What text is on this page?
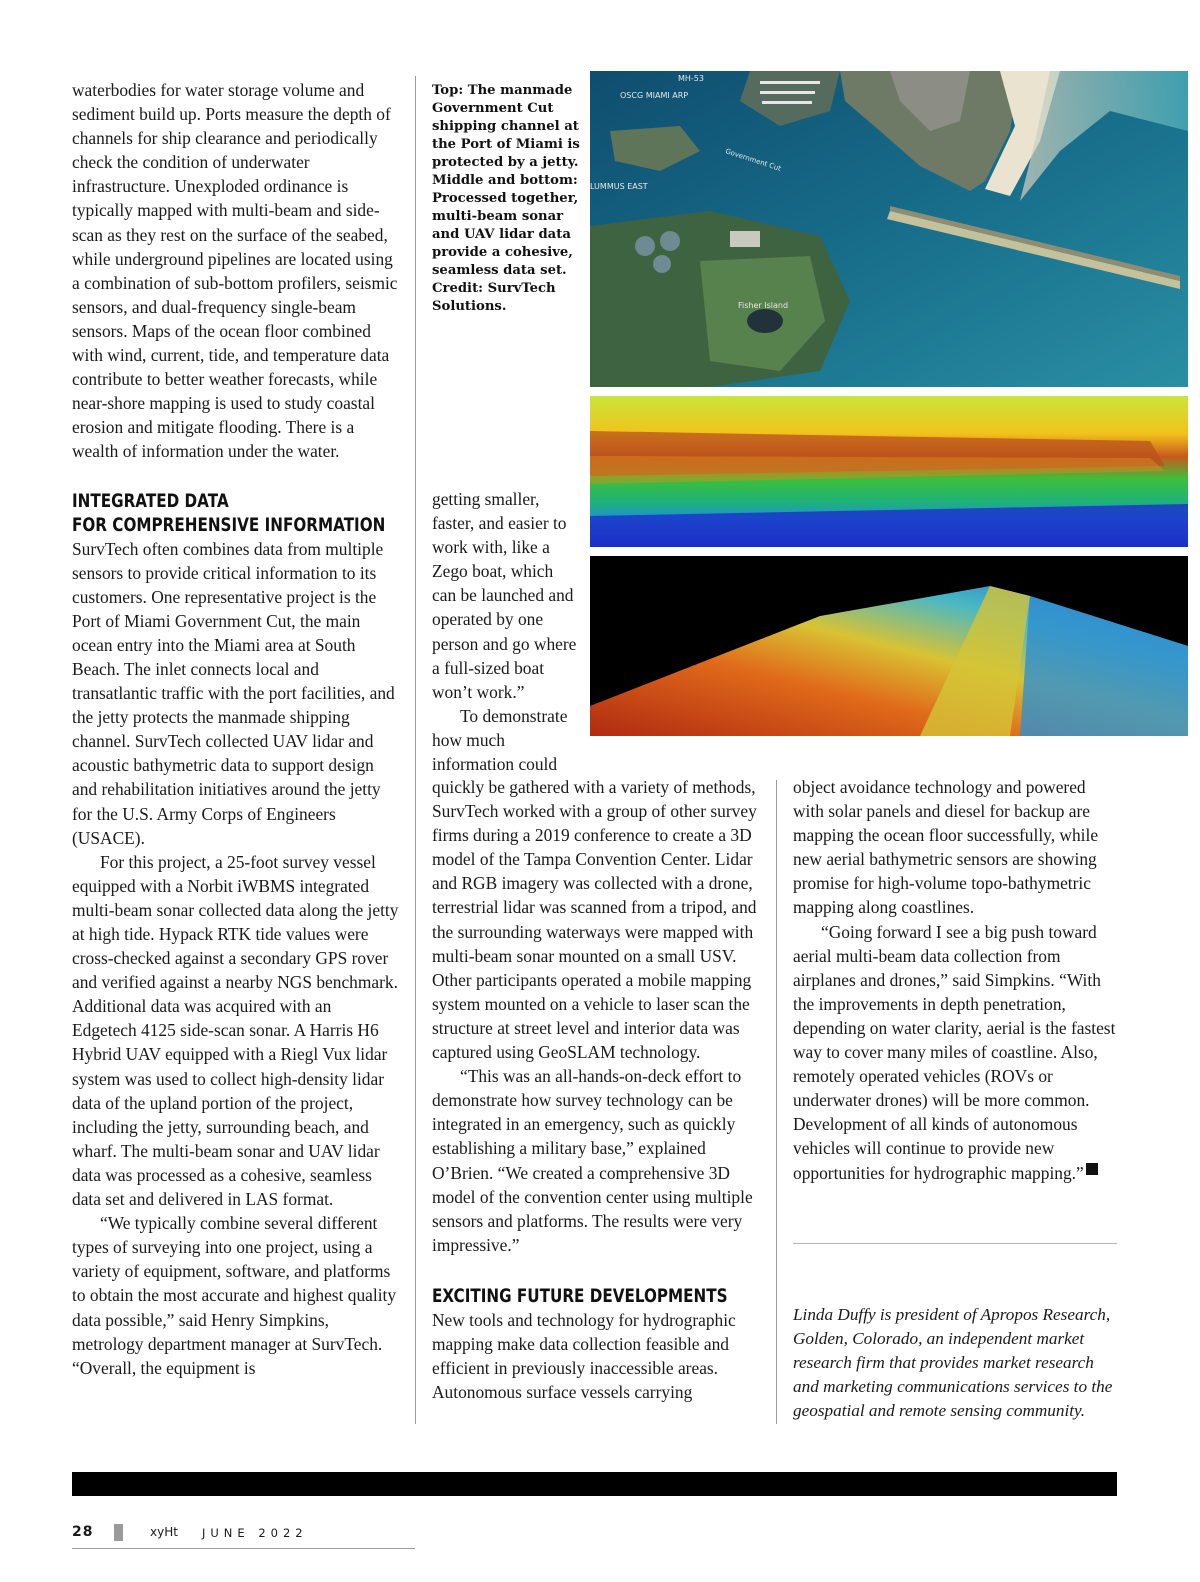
waterbodies for water storage volume and sediment build up. Ports measure the depth of channels for ship clearance and periodically check the condition of underwater infrastructure. Unexploded ordinance is typically mapped with multi-beam and side-scan as they rest on the surface of the seabed, while underground pipelines are located using a combination of sub-bottom profilers, seismic sensors, and dual-frequency single-beam sensors. Maps of the ocean floor combined with wind, current, tide, and temperature data contribute to better weather forecasts, while near-shore mapping is used to study coastal erosion and mitigate flooding. There is a wealth of information under the water.

INTEGRATED DATA
FOR COMPREHENSIVE INFORMATION

SurvTech often combines data from multiple sensors to provide critical information to its customers. One representative project is the Port of Miami Government Cut, the main ocean entry into the Miami area at South Beach. The inlet connects local and transatlantic traffic with the port facilities, and the jetty protects the manmade shipping channel. SurvTech collected UAV lidar and acoustic bathymetric data to support design and rehabilitation initiatives around the jetty for the U.S. Army Corps of Engineers (USACE).

For this project, a 25-foot survey vessel equipped with a Norbit iWBMS integrated multi-beam sonar collected data along the jetty at high tide. Hypack RTK tide values were cross-checked against a secondary GPS rover and verified against a nearby NGS benchmark. Additional data was acquired with an Edgetech 4125 side-scan sonar. A Harris H6 Hybrid UAV equipped with a Riegl Vux lidar system was used to collect high-density lidar data of the upland portion of the project, including the jetty, surrounding beach, and wharf. The multi-beam sonar and UAV lidar data was processed as a cohesive, seamless data set and delivered in LAS format.

“We typically combine several different types of surveying into one project, using a variety of equipment, software, and platforms to obtain the most accurate and highest quality data possible,” said Henry Simpkins, metrology department manager at SurvTech. “Overall, the equipment is

Top: The manmade Government Cut shipping channel at the Port of Miami is protected by a jetty. Middle and bottom: Processed together, multi-beam sonar and UAV lidar data provide a cohesive, seamless data set. Credit: SurvTech Solutions.

getting smaller, faster, and easier to work with, like a Zego boat, which can be launched and operated by one person and go where a full-sized boat won’t work.”

To demonstrate how much information could

quickly be gathered with a variety of methods, SurvTech worked with a group of other survey firms during a 2019 conference to create a 3D model of the Tampa Convention Center. Lidar and RGB imagery was collected with a drone, terrestrial lidar was scanned from a tripod, and the surrounding waterways were mapped with multi-beam sonar mounted on a small USV. Other participants operated a mobile mapping system mounted on a vehicle to laser scan the structure at street level and interior data was captured using GeoSLAM technology.

“This was an all-hands-on-deck effort to demonstrate how survey technology can be integrated in an emergency, such as quickly establishing a military base,” explained O’Brien. “We created a comprehensive 3D model of the convention center using multiple sensors and platforms. The results were very impressive.”

EXCITING FUTURE DEVELOPMENTS

New tools and technology for hydrographic mapping make data collection feasible and efficient in previously inaccessible areas. Autonomous surface vessels carrying

object avoidance technology and powered with solar panels and diesel for backup are mapping the ocean floor successfully, while new aerial bathymetric sensors are showing promise for high-volume topo-bathymetric mapping along coastlines.

“Going forward I see a big push toward aerial multi-beam data collection from airplanes and drones,” said Simpkins. “With the improvements in depth penetration, depending on water clarity, aerial is the fastest way to cover many miles of coastline. Also, remotely operated vehicles (ROVs or underwater drones) will be more common. Development of all kinds of autonomous vehicles will continue to provide new opportunities for hydrographic mapping.”

Linda Duffy is president of Apropos Research, Golden, Colorado, an independent market research firm that provides market research and marketing communications services to the geospatial and remote sensing community.

MH-53
OSCG MIAMI ARP
LUMMUS EAST
Government Cut
Fisher Island
28	xyHt JUNE 2022
